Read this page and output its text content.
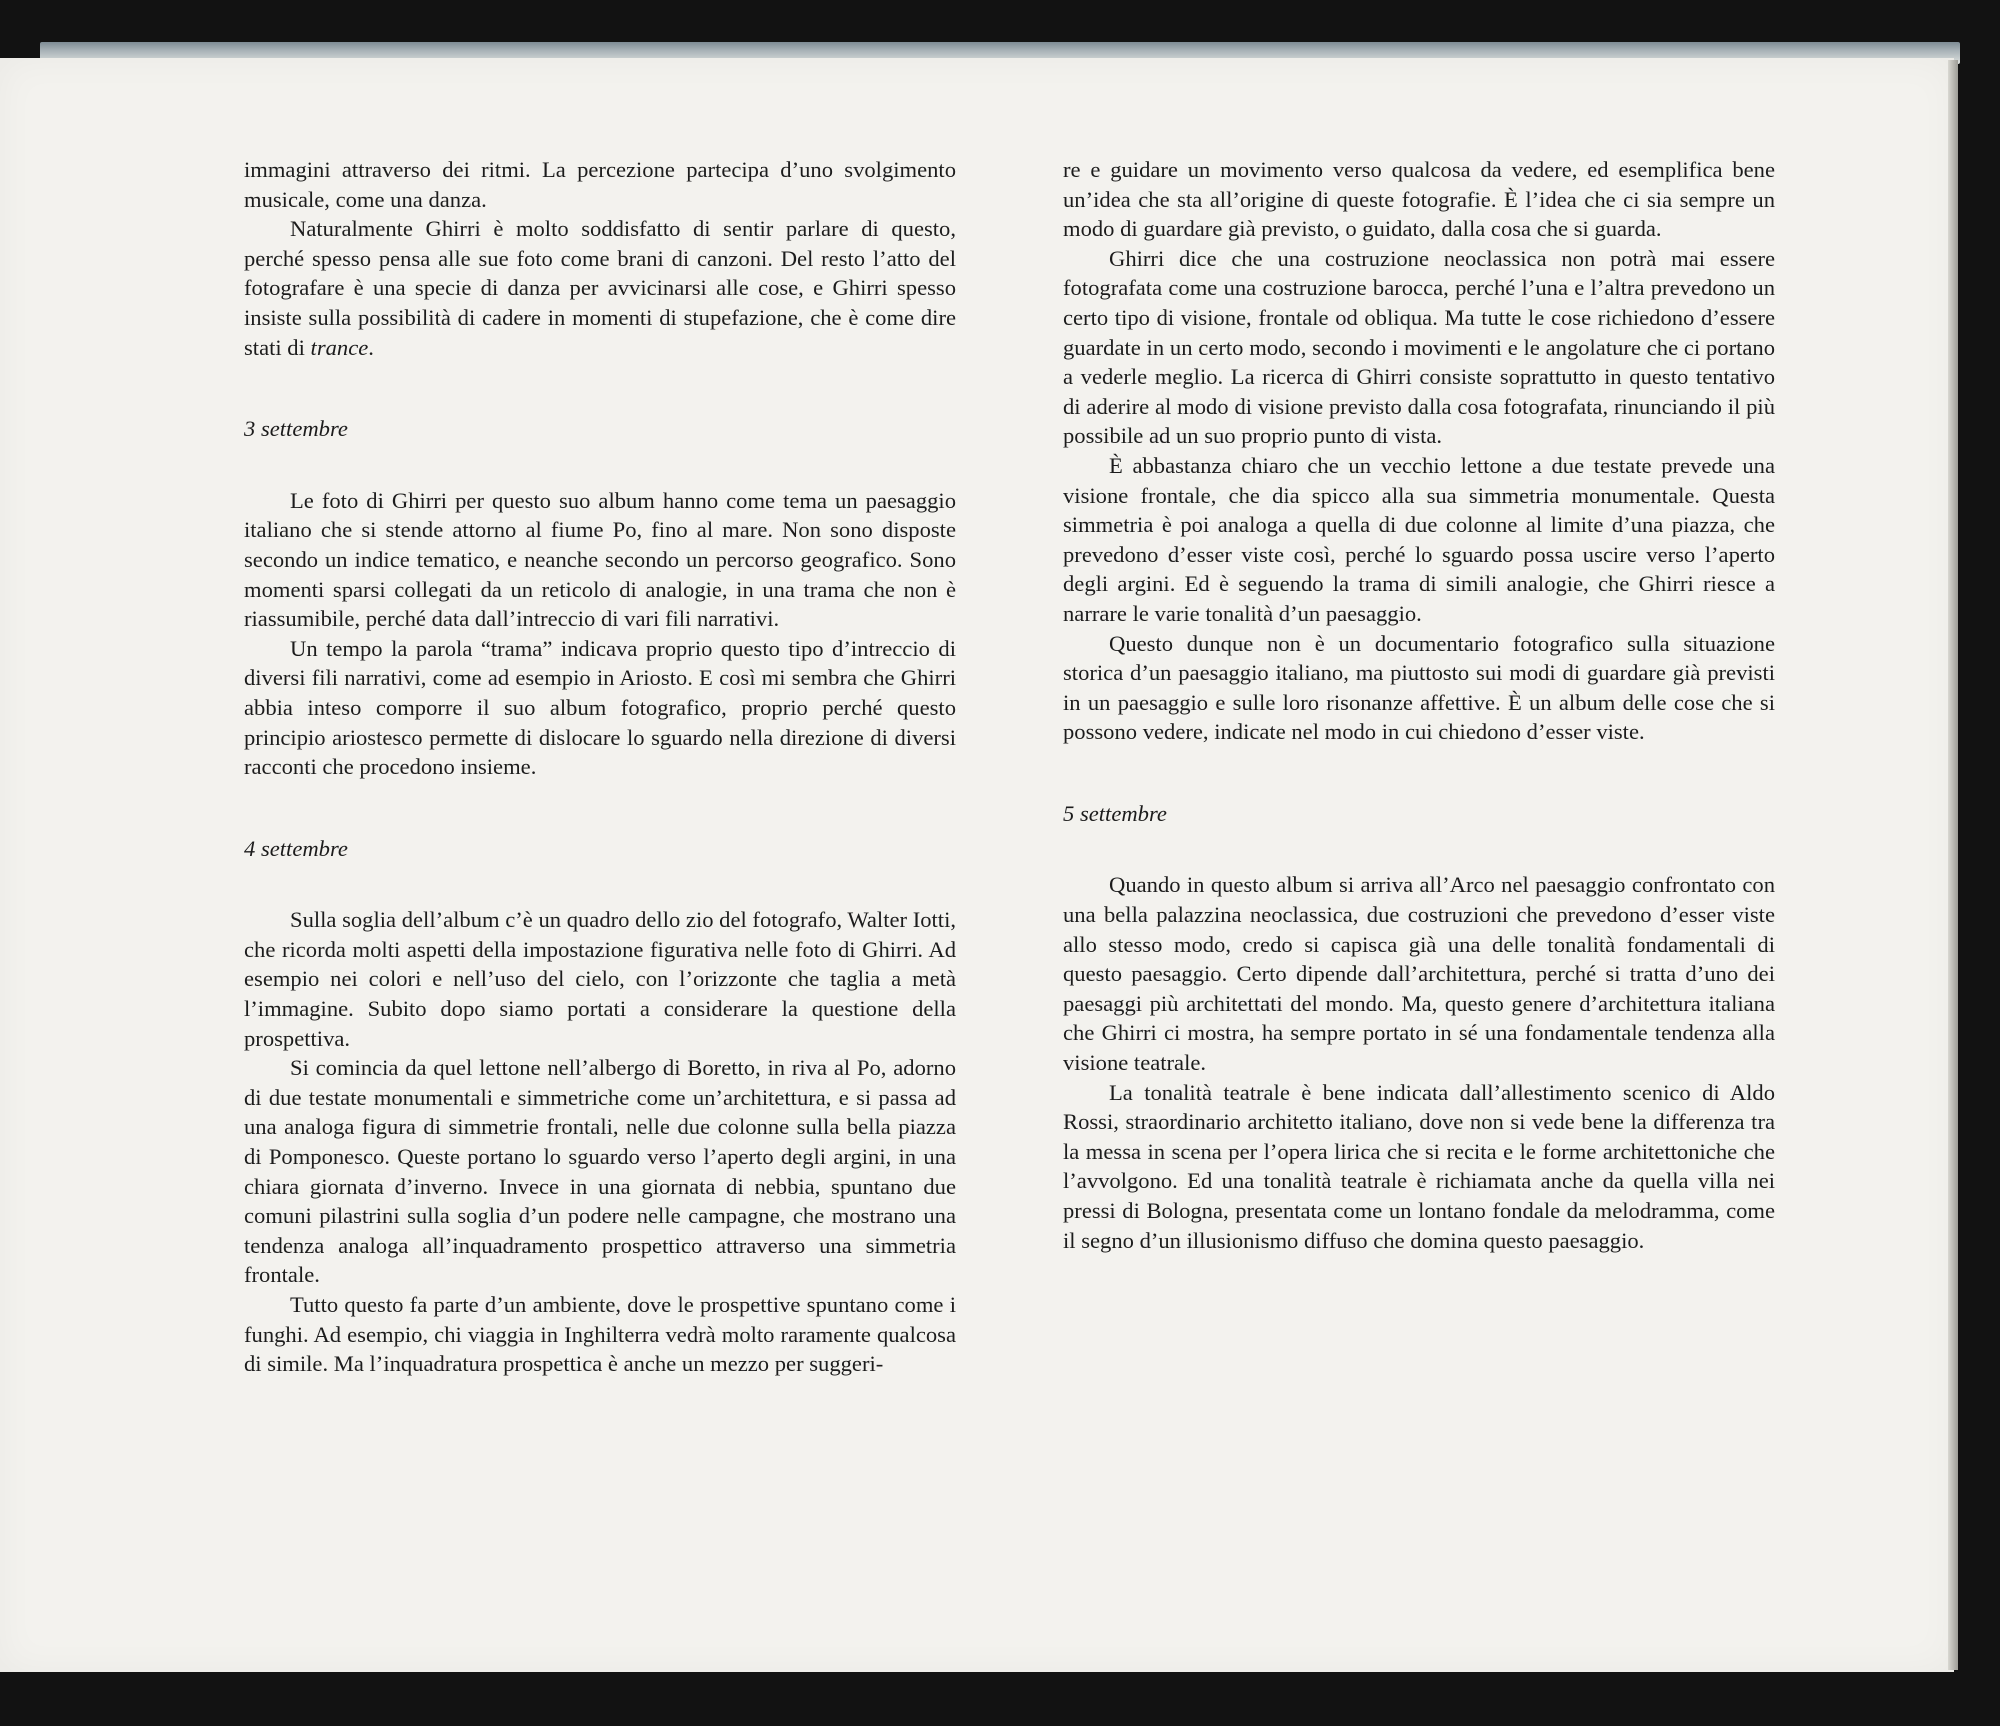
immagini attraverso dei ritmi. La percezione partecipa d’uno svolgimento musicale, come una danza.

Naturalmente Ghirri è molto soddisfatto di sentir parlare di questo, perché spesso pensa alle sue foto come brani di canzoni. Del resto l’atto del fotografare è una specie di danza per avvicinarsi alle cose, e Ghirri spesso insiste sulla possibilità di cadere in momenti di stupefazione, che è come dire stati di trance.

3 settembre

Le foto di Ghirri per questo suo album hanno come tema un paesaggio italiano che si stende attorno al fiume Po, fino al mare. Non sono disposte secondo un indice tematico, e neanche secondo un percorso geografico. Sono momenti sparsi collegati da un reticolo di analogie, in una trama che non è riassumibile, perché data dall’intreccio di vari fili narrativi.

Un tempo la parola “trama” indicava proprio questo tipo d’intreccio di diversi fili narrativi, come ad esempio in Ariosto. E così mi sembra che Ghirri abbia inteso comporre il suo album fotografico, proprio perché questo principio ariostesco permette di dislocare lo sguardo nella direzione di diversi racconti che procedono insieme.

4 settembre

Sulla soglia dell’album c’è un quadro dello zio del fotografo, Walter Iotti, che ricorda molti aspetti della impostazione figurativa nelle foto di Ghirri. Ad esempio nei colori e nell’uso del cielo, con l’orizzonte che taglia a metà l’immagine. Subito dopo siamo portati a considerare la questione della prospettiva.

Si comincia da quel lettone nell’albergo di Boretto, in riva al Po, adorno di due testate monumentali e simmetriche come un’architettura, e si passa ad una analoga figura di simmetrie frontali, nelle due colonne sulla bella piazza di Pomponesco. Queste portano lo sguardo verso l’aperto degli argini, in una chiara giornata d’inverno. Invece in una giornata di nebbia, spuntano due comuni pilastrini sulla soglia d’un podere nelle campagne, che mostrano una tendenza analoga all’inquadramento prospettico attraverso una simmetria frontale.

Tutto questo fa parte d’un ambiente, dove le prospettive spuntano come i funghi. Ad esempio, chi viaggia in Inghilterra vedrà molto raramente qualcosa di simile. Ma l’inquadratura prospettica è anche un mezzo per suggeri-

re e guidare un movimento verso qualcosa da vedere, ed esemplifica bene un’idea che sta all’origine di queste fotografie. È l’idea che ci sia sempre un modo di guardare già previsto, o guidato, dalla cosa che si guarda.

Ghirri dice che una costruzione neoclassica non potrà mai essere fotografata come una costruzione barocca, perché l’una e l’altra prevedono un certo tipo di visione, frontale od obliqua. Ma tutte le cose richiedono d’essere guardate in un certo modo, secondo i movimenti e le angolature che ci portano a vederle meglio. La ricerca di Ghirri consiste soprattutto in questo tentativo di aderire al modo di visione previsto dalla cosa fotografata, rinunciando il più possibile ad un suo proprio punto di vista.

È abbastanza chiaro che un vecchio lettone a due testate prevede una visione frontale, che dia spicco alla sua simmetria monumentale. Questa simmetria è poi analoga a quella di due colonne al limite d’una piazza, che prevedono d’esser viste così, perché lo sguardo possa uscire verso l’aperto degli argini. Ed è seguendo la trama di simili analogie, che Ghirri riesce a narrare le varie tonalità d’un paesaggio.

Questo dunque non è un documentario fotografico sulla situazione storica d’un paesaggio italiano, ma piuttosto sui modi di guardare già previsti in un paesaggio e sulle loro risonanze affettive. È un album delle cose che si possono vedere, indicate nel modo in cui chiedono d’esser viste.

5 settembre

Quando in questo album si arriva all’Arco nel paesaggio confrontato con una bella palazzina neoclassica, due costruzioni che prevedono d’esser viste allo stesso modo, credo si capisca già una delle tonalità fondamentali di questo paesaggio. Certo dipende dall’architettura, perché si tratta d’uno dei paesaggi più architettati del mondo. Ma, questo genere d’architettura italiana che Ghirri ci mostra, ha sempre portato in sé una fondamentale tendenza alla visione teatrale.

La tonalità teatrale è bene indicata dall’allestimento scenico di Aldo Rossi, straordinario architetto italiano, dove non si vede bene la differenza tra la messa in scena per l’opera lirica che si recita e le forme architettoniche che l’avvolgono. Ed una tonalità teatrale è richiamata anche da quella villa nei pressi di Bologna, presentata come un lontano fondale da melodramma, come il segno d’un illusionismo diffuso che domina questo paesaggio.
